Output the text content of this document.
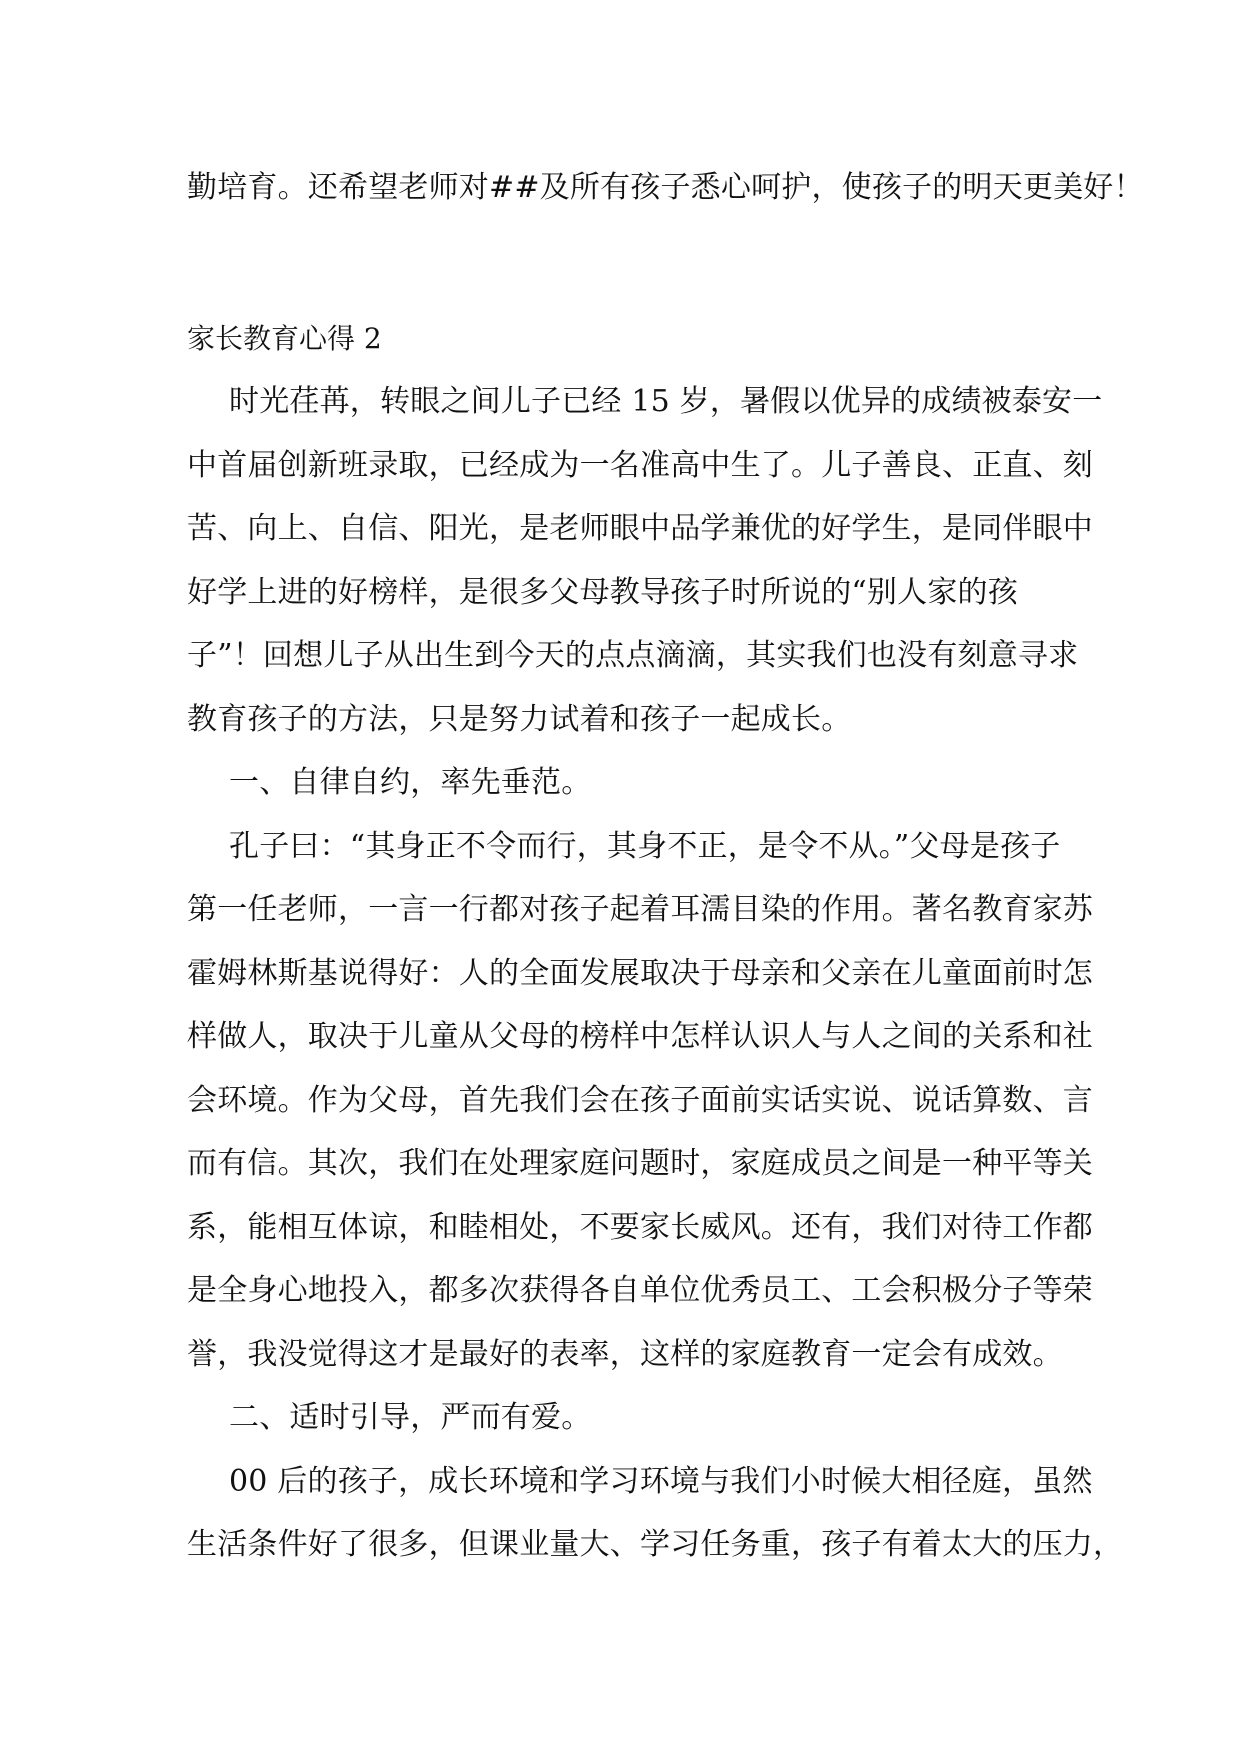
勤培育。还希望老师对##及所有孩子悉心呵护，使孩子的明天更美好！
家长教育心得 2
时光荏苒，转眼之间儿子已经 15 岁，暑假以优异的成绩被泰安一
中首届创新班录取，已经成为一名准高中生了。儿子善良、正直、刻
苦、向上、自信、阳光，是老师眼中品学兼优的好学生，是同伴眼中
好学上进的好榜样，是很多父母教导孩子时所说的“别人家的孩
子”！回想儿子从出生到今天的点点滴滴，其实我们也没有刻意寻求
教育孩子的方法，只是努力试着和孩子一起成长。
一、自律自约，率先垂范。
孔子曰：“其身正不令而行，其身不正，是令不从。”父母是孩子
第一任老师，一言一行都对孩子起着耳濡目染的作用。著名教育家苏
霍姆林斯基说得好：人的全面发展取决于母亲和父亲在儿童面前时怎
样做人，取决于儿童从父母的榜样中怎样认识人与人之间的关系和社
会环境。作为父母，首先我们会在孩子面前实话实说、说话算数、言
而有信。其次，我们在处理家庭问题时，家庭成员之间是一种平等关
系，能相互体谅，和睦相处，不要家长威风。还有，我们对待工作都
是全身心地投入，都多次获得各自单位优秀员工、工会积极分子等荣
誉，我没觉得这才是最好的表率，这样的家庭教育一定会有成效。
二、适时引导，严而有爱。
00 后的孩子，成长环境和学习环境与我们小时候大相径庭，虽然
生活条件好了很多，但课业量大、学习任务重，孩子有着太大的压力，
